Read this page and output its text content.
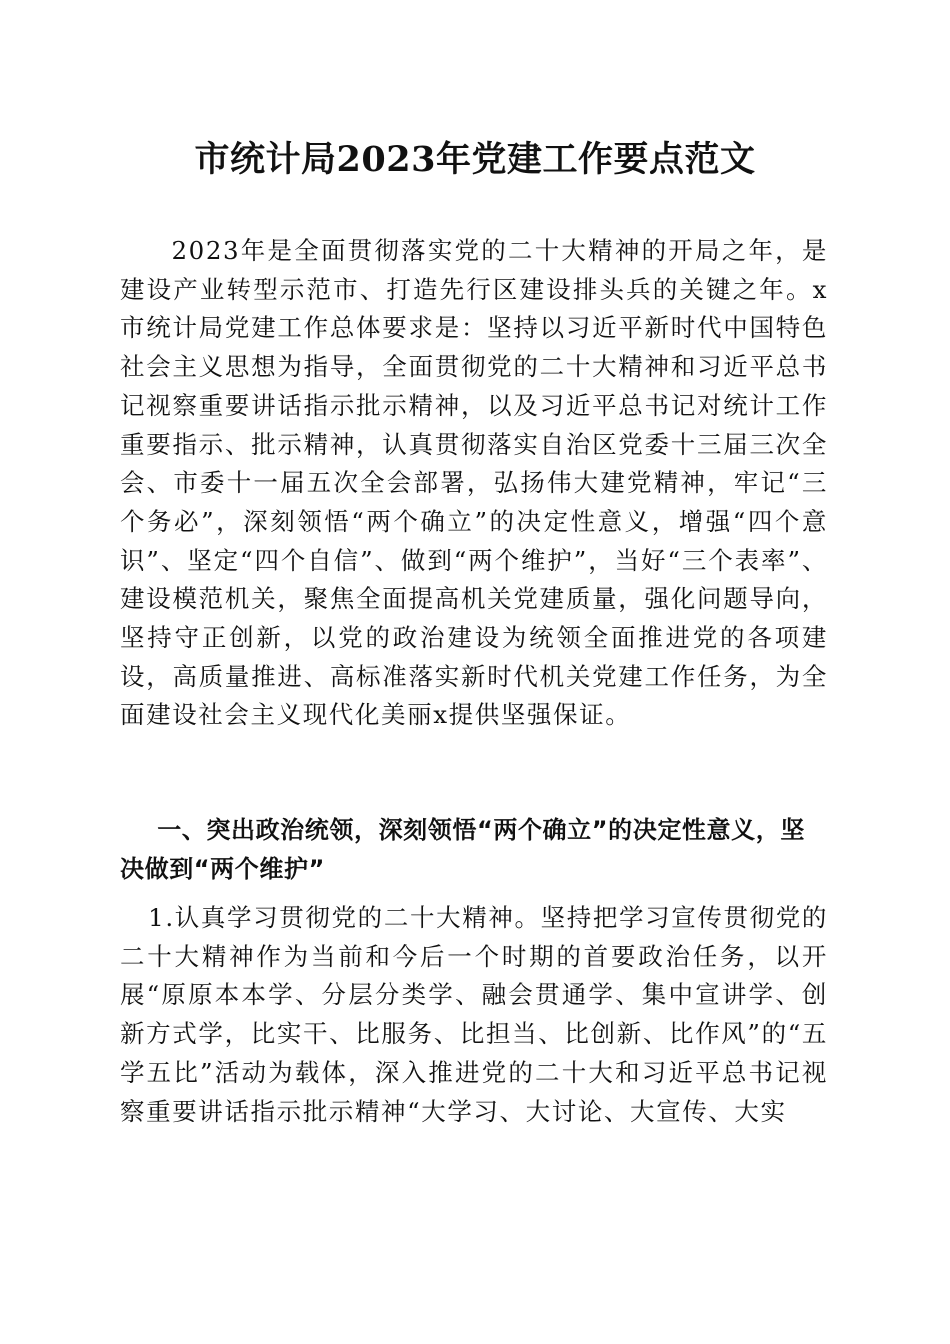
市统计局2023年党建工作要点范文

2023年是全面贯彻落实党的二十大精神的开局之年，是建设产业转型示范市、打造先行区建设排头兵的关键之年。x市统计局党建工作总体要求是：坚持以习近平新时代中国特色社会主义思想为指导，全面贯彻党的二十大精神和习近平总书记视察重要讲话指示批示精神，以及习近平总书记对统计工作重要指示、批示精神，认真贯彻落实自治区党委十三届三次全会、市委十一届五次全会部署，弘扬伟大建党精神，牢记“三个务必”，深刻领悟“两个确立”的决定性意义，增强“四个意识”、坚定“四个自信”、做到“两个维护”，当好“三个表率”、建设模范机关，聚焦全面提高机关党建质量，强化问题导向，坚持守正创新，以党的政治建设为统领全面推进党的各项建设，高质量推进、高标准落实新时代机关党建工作任务，为全面建设社会主义现代化美丽x提供坚强保证。

一、突出政治统领，深刻领悟“两个确立”的决定性意义，坚决做到“两个维护”

1.认真学习贯彻党的二十大精神。坚持把学习宣传贯彻党的二十大精神作为当前和今后一个时期的首要政治任务，以开展“原原本本学、分层分类学、融会贯通学、集中宣讲学、创新方式学，比实干、比服务、比担当、比创新、比作风”的“五学五比”活动为载体，深入推进党的二十大和习近平总书记视察重要讲话指示批示精神“大学习、大讨论、大宣传、大实
